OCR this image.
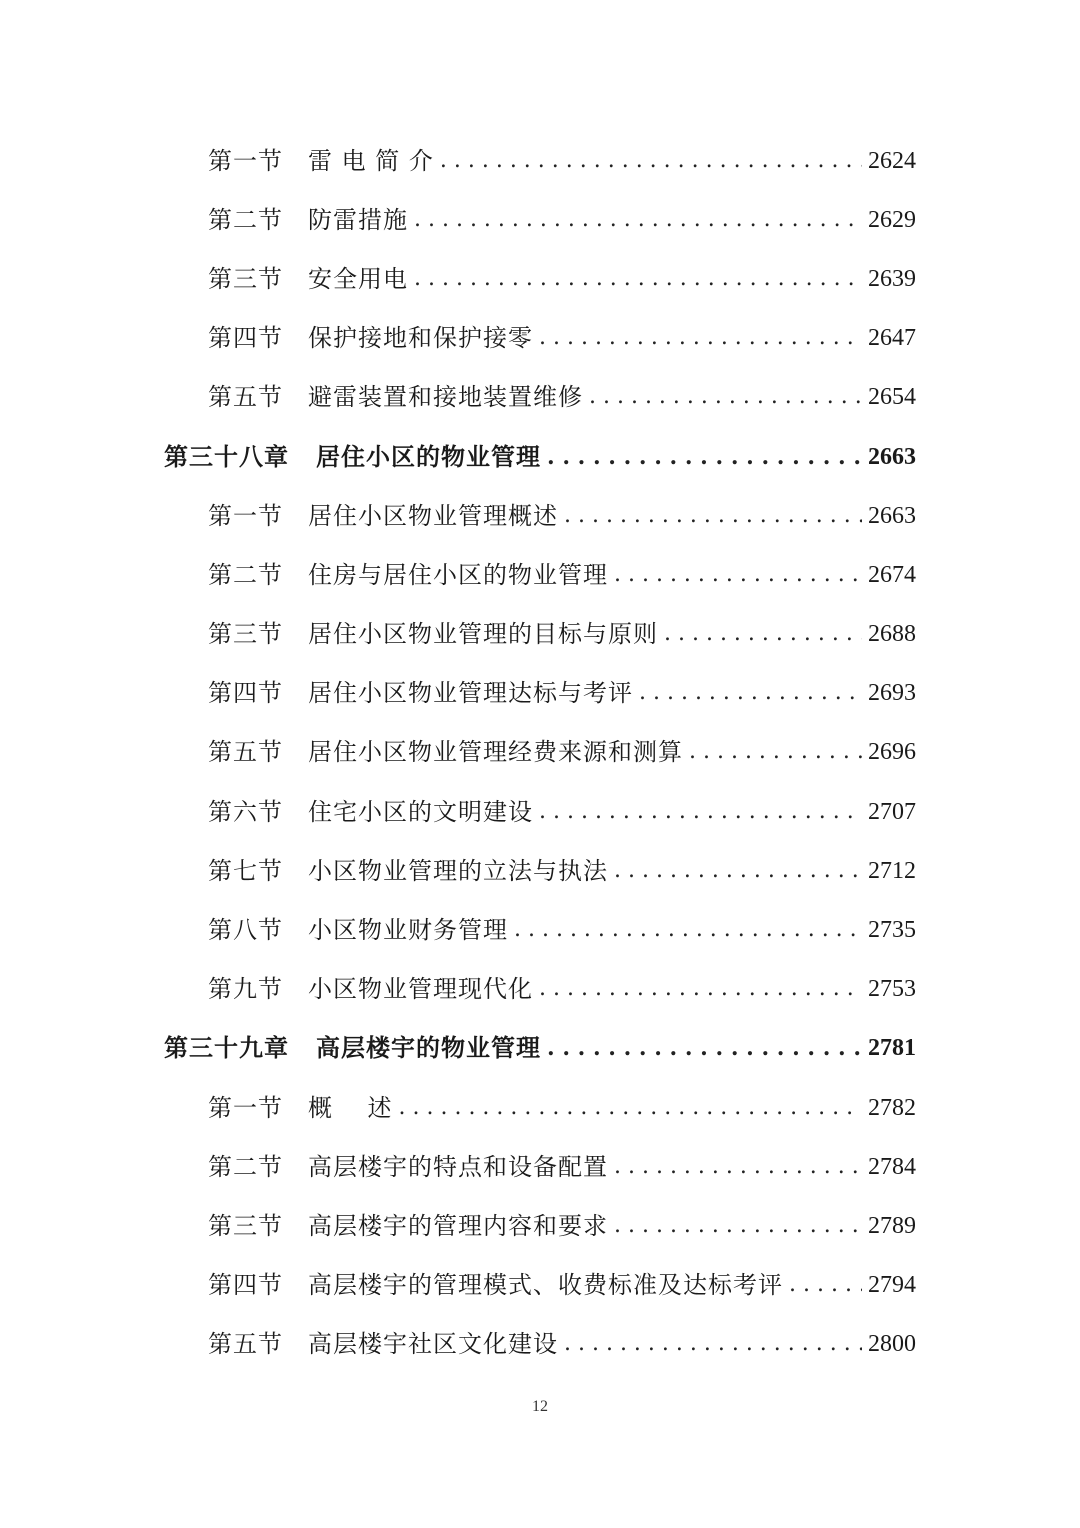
第一节	雷 电 简 介 . . .	2624
第二节	防雷措施 . . .	2629
第三节	安全用电 . . .	2639
第四节	保护接地和保护接零 . . .	2647
第五节	避雷装置和接地装置维修 . . .	2654
第三十八章	居住小区的物业管理 . . .	2663
第一节	居住小区物业管理概述 . . .	2663
第二节	住房与居住小区的物业管理 . . .	2674
第三节	居住小区物业管理的目标与原则 . . .	2688
第四节	居住小区物业管理达标与考评 . . .	2693
第五节	居住小区物业管理经费来源和测算 . . .	2696
第六节	住宅小区的文明建设 . . .	2707
第七节	小区物业管理的立法与执法 . . .	2712
第八节	小区物业财务管理 . . .	2735
第九节	小区物业管理现代化 . . .	2753
第三十九章	高层楼宇的物业管理 . . .	2781
第一节	概    述 . . .	2782
第二节	高层楼宇的特点和设备配置 . . .	2784
第三节	高层楼宇的管理内容和要求 . . .	2789
第四节	高层楼宇的管理模式、收费标准及达标考评 . . .	2794
第五节	高层楼宇社区文化建设 . . .	2800
12
